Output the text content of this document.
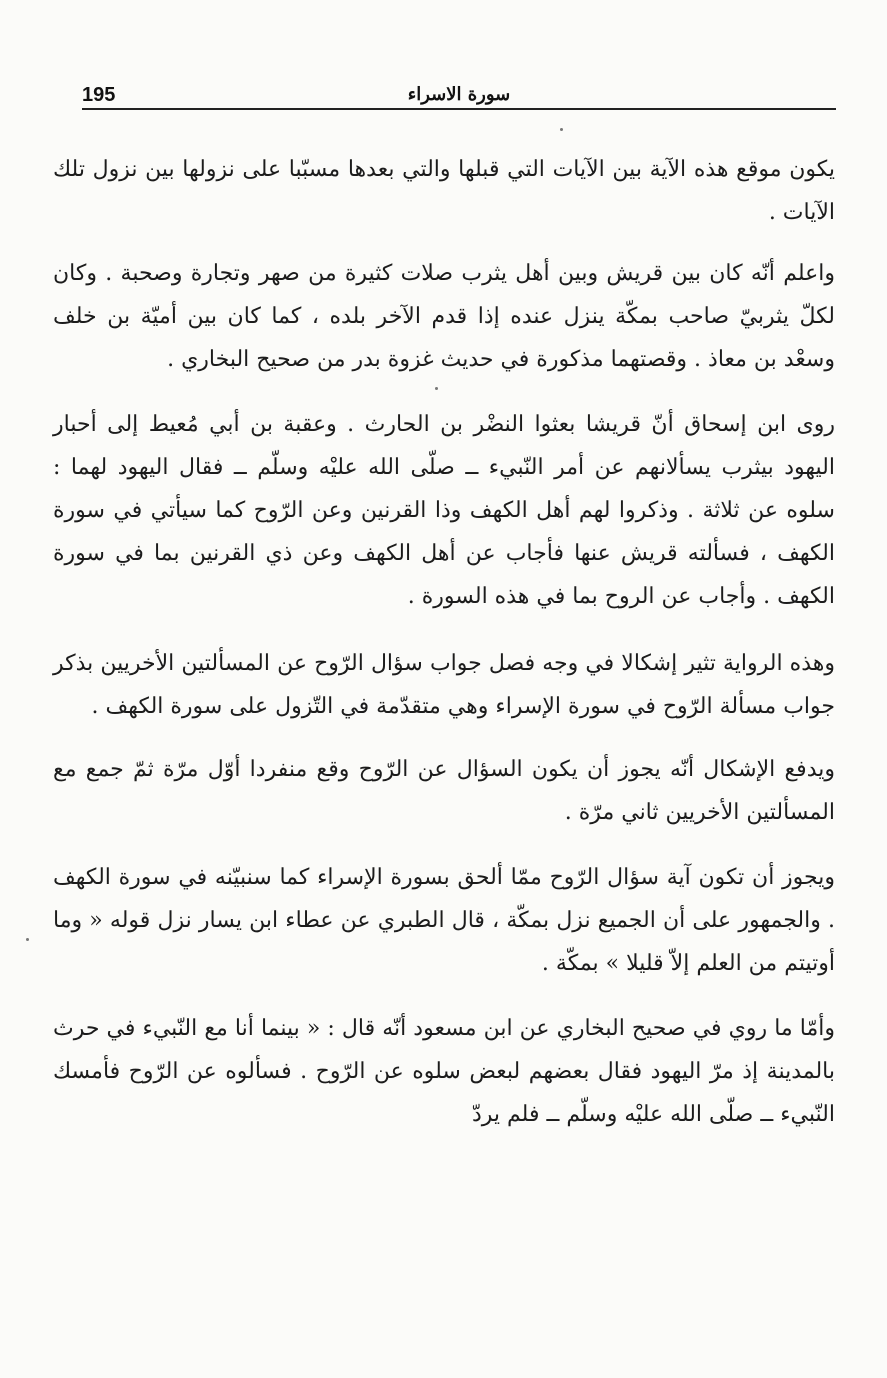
195	سورة الاسراء

يكون موقع هذه الآية بين الآيات التي قبلها والتي بعدها مسبّبا على نزولها بين نزول تلك الآيات .

واعلم أنّه كان بين قريش وبين أهل يثرب صلات كثيرة من صهر وتجارة وصحبة . وكان لكلّ يثربيّ صاحب بمكّة ينزل عنده إذا قدم الآخر بلده ، كما كان بين أميّة بن خلف وسعْد بن معاذ . وقصتهما مذكورة في حديث غزوة بدر من صحيح البخاري .

روى ابن إسحاق أنّ قريشا بعثوا النضْر بن الحارث . وعقبة بن أبي مُعيط إلى أحبار اليهود بيثرب يسألانهم عن أمر النّبيء ــ صلّى الله عليْه وسلّم ــ فقال اليهود لهما : سلوه عن ثلاثة . وذكروا لهم أهل الكهف وذا القرنين وعن الرّوح كما سيأتي في سورة الكهف ، فسألته قريش عنها فأجاب عن أهل الكهف وعن ذي القرنين بما في سورة الكهف . وأجاب عن الروح بما في هذه السورة .

وهذه الرواية تثير إشكالا في وجه فصل جواب سؤال الرّوح عن المسألتين الأخريين بذكر جواب مسألة الرّوح في سورة الإسراء وهي متقدّمة في التّزول على سورة الكهف .

ويدفع الإشكال أنّه يجوز أن يكون السؤال عن الرّوح وقع منفردا أوّل مرّة ثمّ جمع مع المسألتين الأخريين ثاني مرّة .

ويجوز أن تكون آية سؤال الرّوح ممّا ألحق بسورة الإسراء كما سنبيّنه في سورة الكهف . والجمهور على أن الجميع نزل بمكّة ، قال الطبري عن عطاء ابن يسار نزل قوله « وما أوتيتم من العلم إلاّ قليلا » بمكّة .

وأمّا ما روي في صحيح البخاري عن ابن مسعود أنّه قال : « بينما أنا مع النّبيء في حرث بالمدينة إذ مرّ اليهود فقال بعضهم لبعض سلوه عن الرّوح . فسألوه عن الرّوح فأمسك النّبيء ــ صلّى الله عليْه وسلّم ــ فلم يردّ
